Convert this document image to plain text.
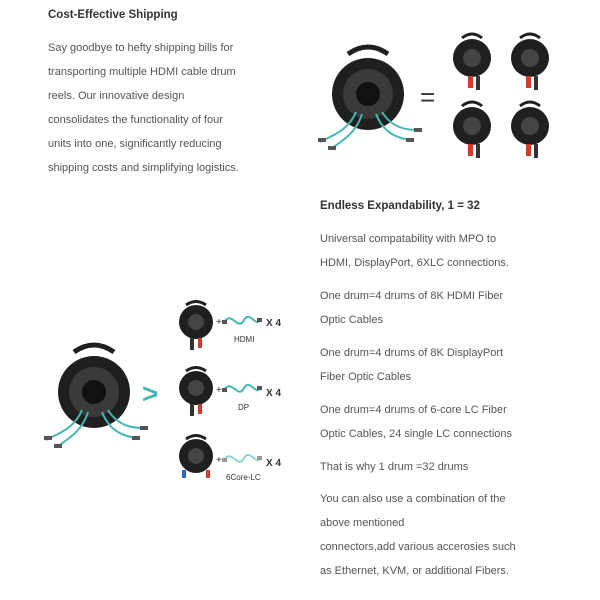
Cost-Effective Shipping
Say goodbye to hefty shipping bills for
transporting multiple HDMI cable drum
reels. Our innovative design
consolidates the functionality of four
units into one, significantly reducing
shipping costs and simplifying logistics.
=
Endless Expandability, 1 = 32
Universal compatability with MPO to
HDMI, DisplayPort, 6XLC connections.
One drum=4 drums of 8K HDMI Fiber
Optic Cables
One drum=4 drums of 8K DisplayPort
Fiber Optic Cables
One drum=4 drums of 6-core LC Fiber
Optic Cables, 24 single LC connections
That is why 1 drum =32 drums
You can also use a combination of the
above mentioned
connectors,add various accerosies such
as Ethernet, KVM, or additional Fibers.
>
+	X 4
HDMI
+	X 4
DP
+	X 4
6Core-LC
